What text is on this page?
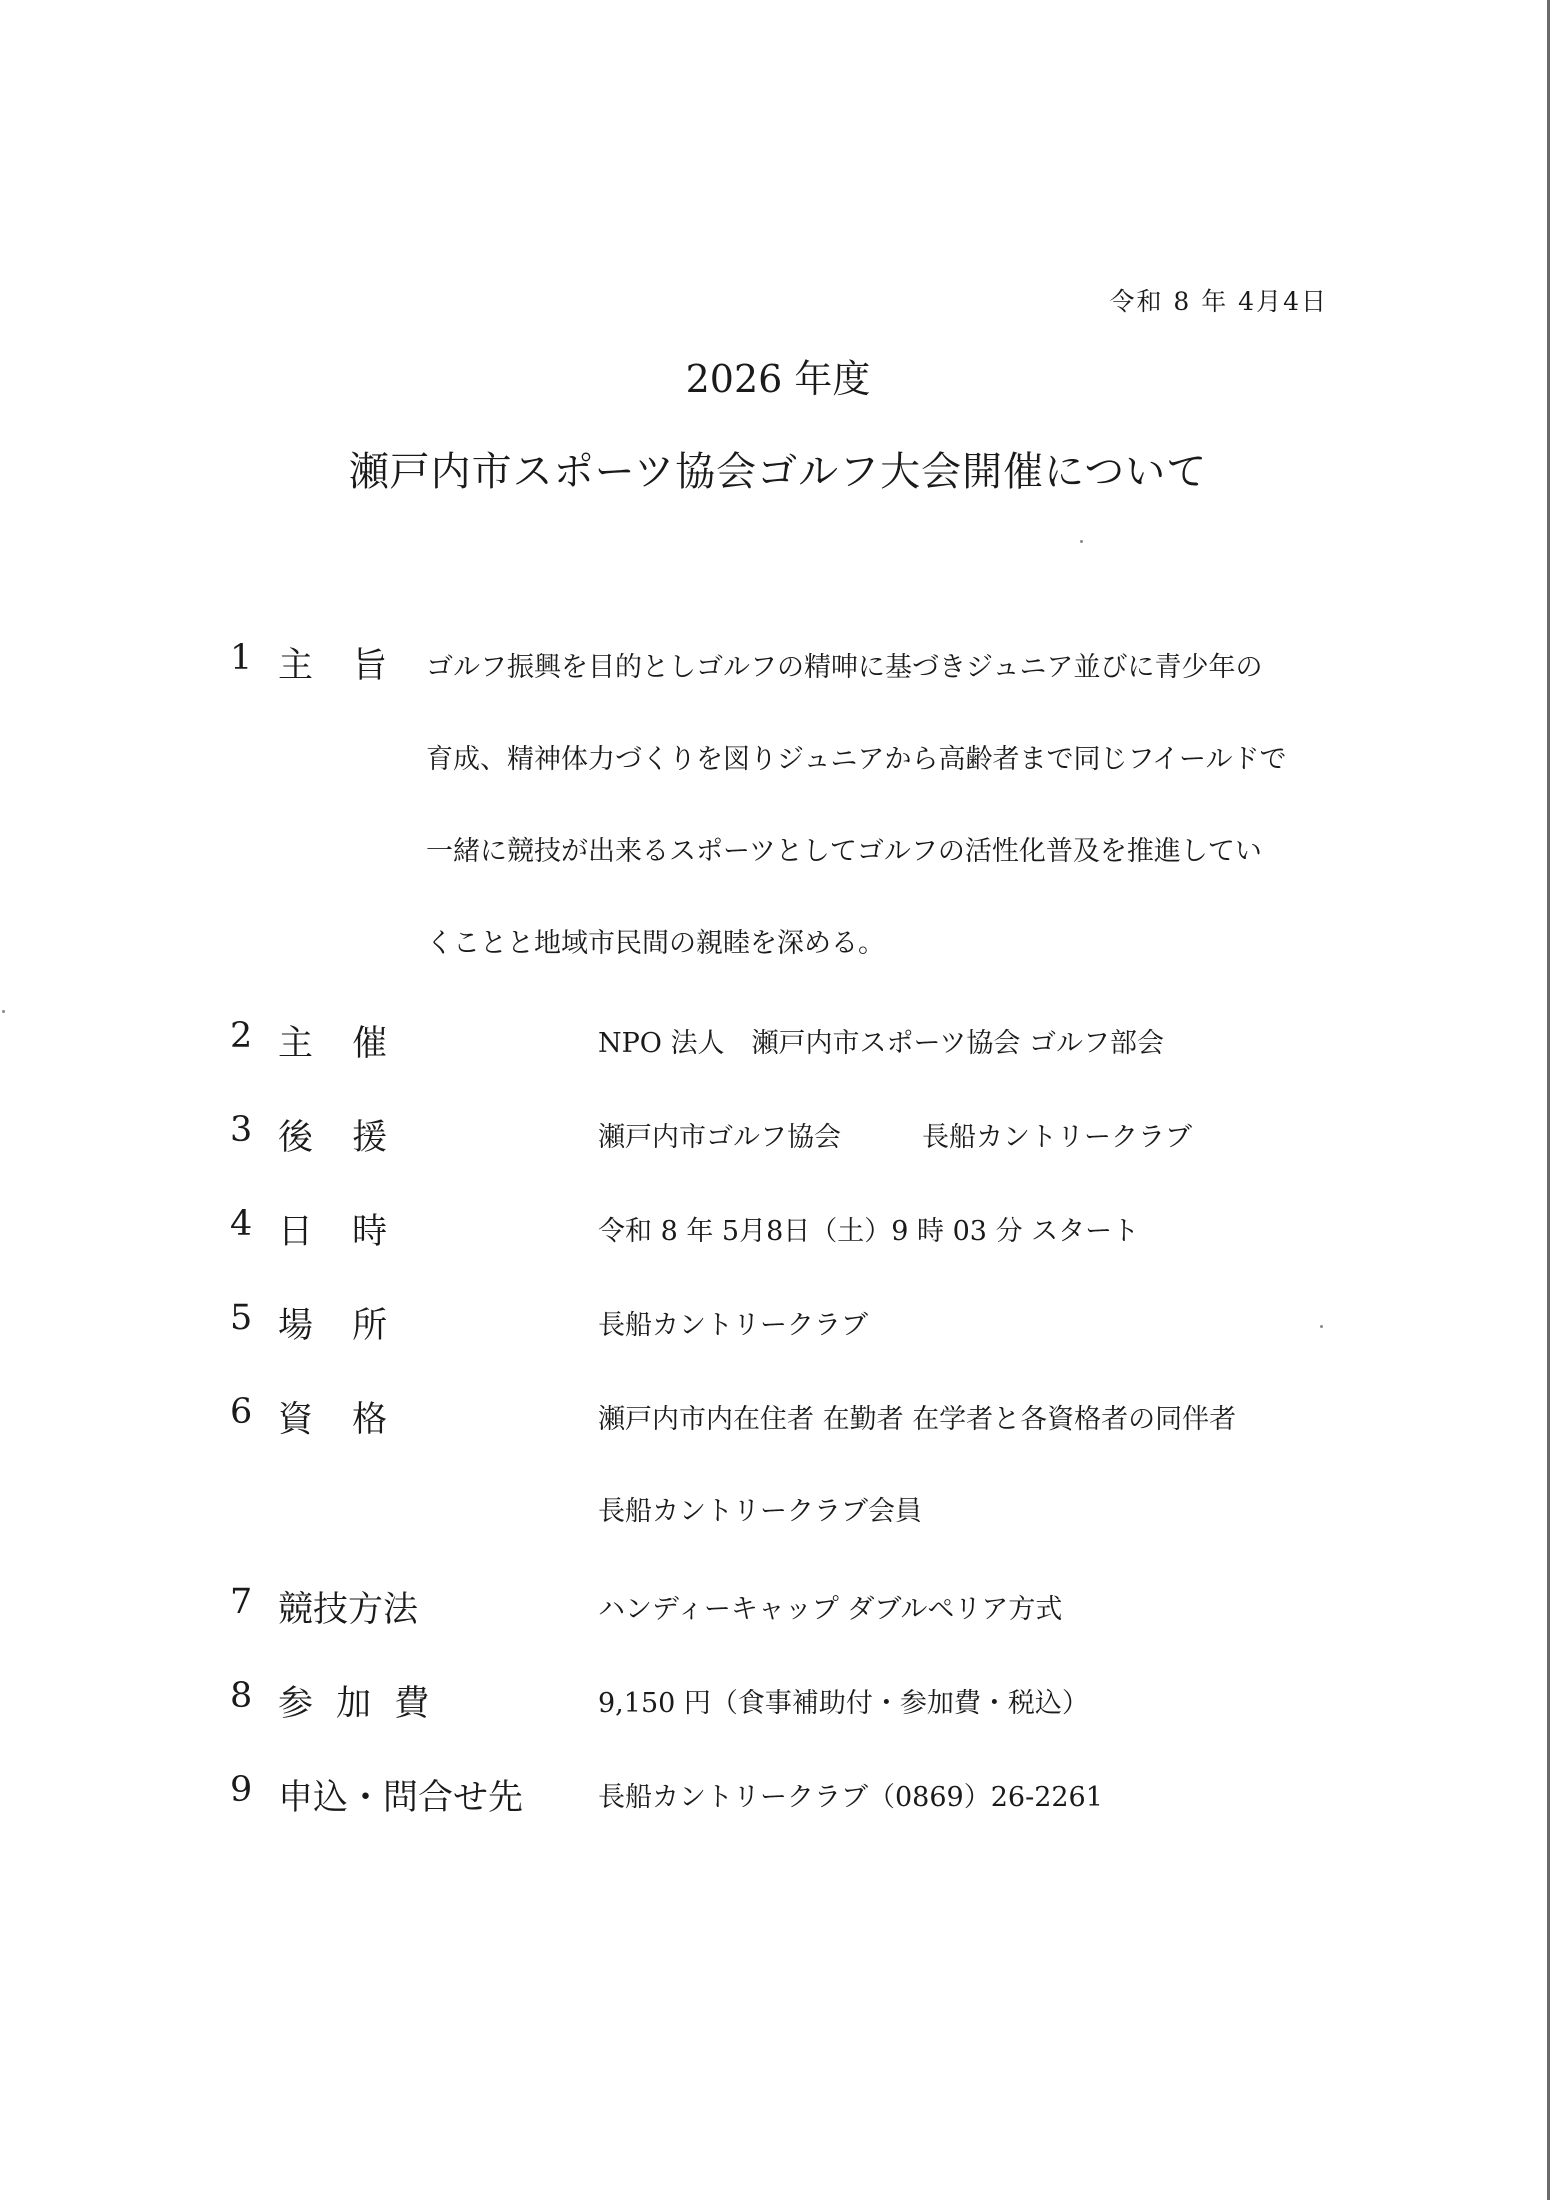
令和 8 年 4月4日
2026 年度
瀬戸内市スポーツ協会ゴルフ大会開催について
1 主 旨 ゴルフ振興を目的としゴルフの精呻に基づきジュニア並びに青少年の
育成、精神体力づくりを図りジュニアから高齢者まで同じフイールドで
一緒に競技が出来るスポーツとしてゴルフの活性化普及を推進してい
くことと地域市民間の親睦を深める。
2 主 催	NPO 法人　瀬戸内市スポーツ協会 ゴルフ部会
3 後 援	瀬戸内市ゴルフ協会　　　長船カントリークラブ
4 日 時	令和 8 年 5月8日（土）9 時 03 分 スタート
5 場 所	長船カントリークラブ
6 資 格	瀬戸内市内在住者 在勤者 在学者と各資格者の同伴者
長船カントリークラブ会員
7 競技方法	ハンディーキャップ ダブルペリア方式
8 参 加 費	9,150 円（食事補助付・参加費・税込）
9 申込・問合せ先	長船カントリークラブ（0869）26-2261
